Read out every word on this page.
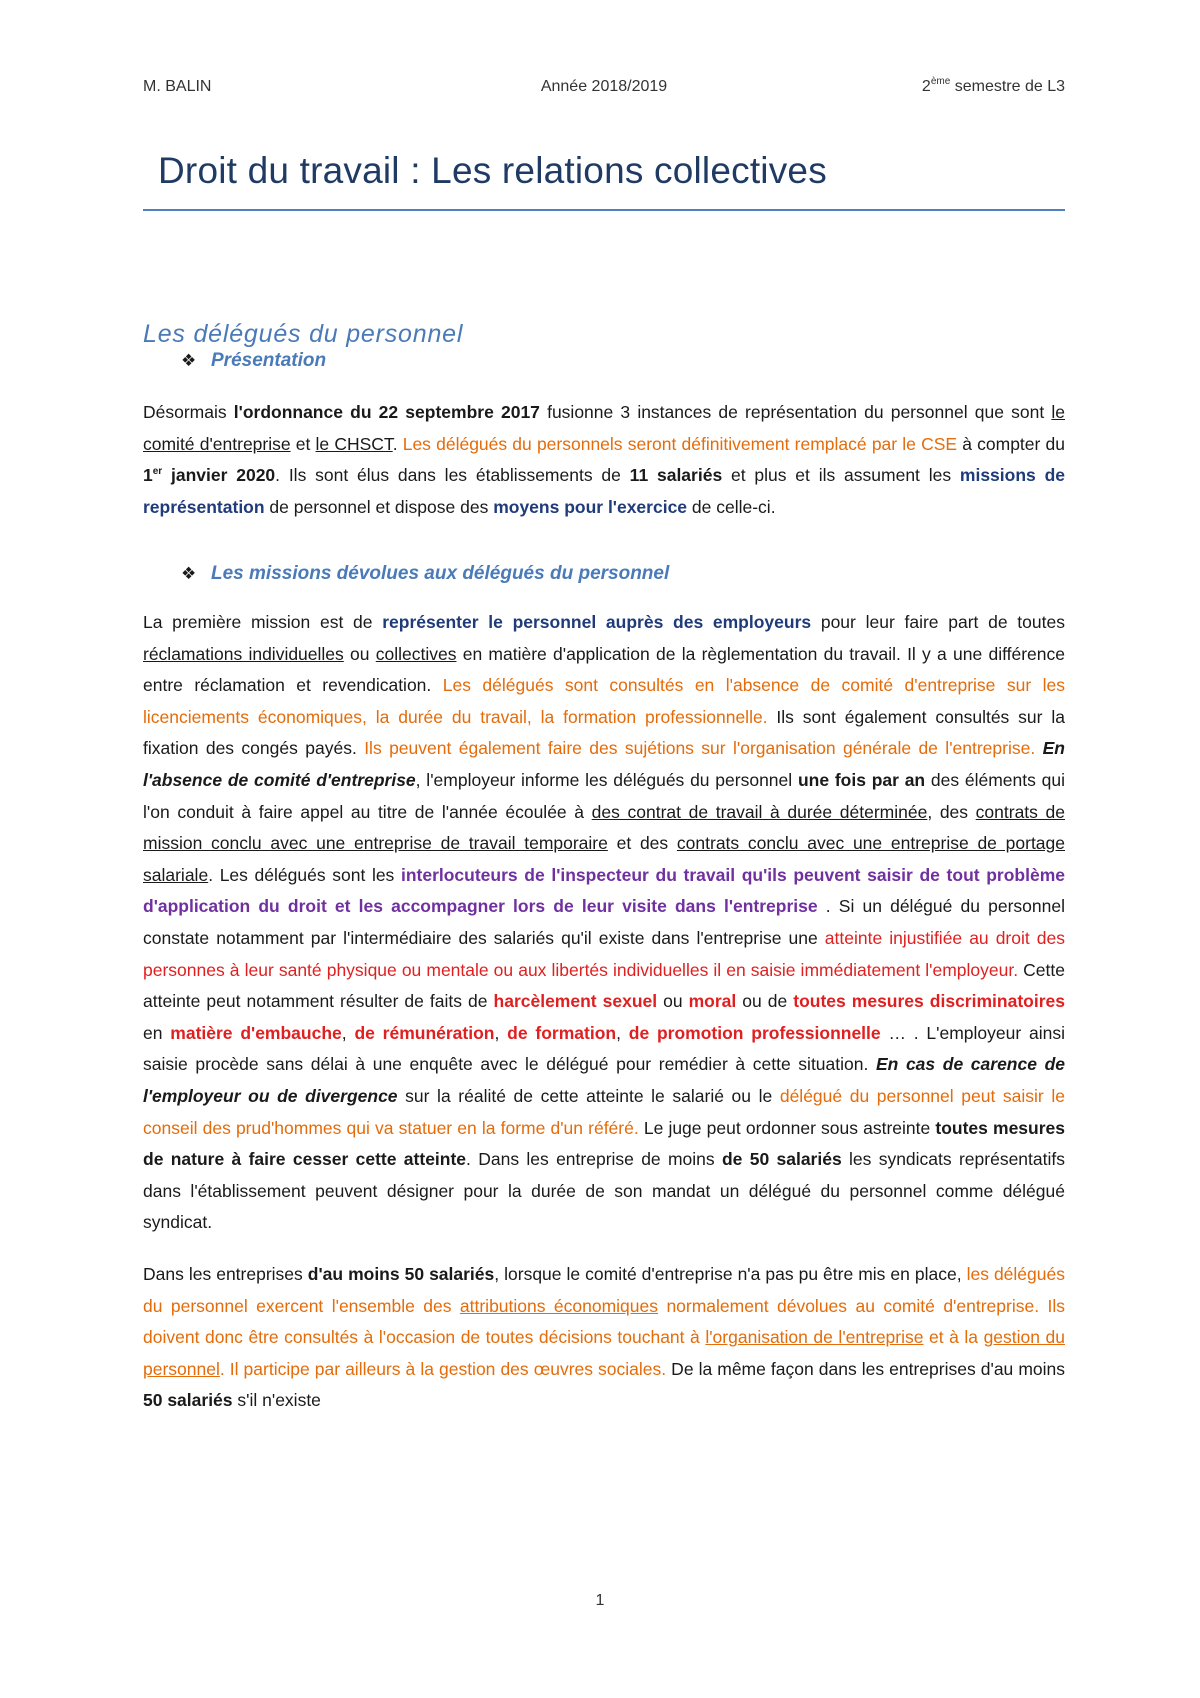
M. BALIN	Année 2018/2019	2ème semestre de L3
Droit du travail : Les relations collectives
Les délégués du personnel
❖ Présentation
Désormais l'ordonnance du 22 septembre 2017 fusionne 3 instances de représentation du personnel que sont le comité d'entreprise et le CHSCT. Les délégués du personnels seront définitivement remplacé par le CSE à compter du 1er janvier 2020. Ils sont élus dans les établissements de 11 salariés et plus et ils assument les missions de représentation de personnel et dispose des moyens pour l'exercice de celle-ci.
❖ Les missions dévolues aux délégués du personnel
La première mission est de représenter le personnel auprès des employeurs pour leur faire part de toutes réclamations individuelles ou collectives en matière d'application de la règlementation du travail. Il y a une différence entre réclamation et revendication. Les délégués sont consultés en l'absence de comité d'entreprise sur les licenciements économiques, la durée du travail, la formation professionnelle. Ils sont également consultés sur la fixation des congés payés. Ils peuvent également faire des sujétions sur l'organisation générale de l'entreprise. En l'absence de comité d'entreprise, l'employeur informe les délégués du personnel une fois par an des éléments qui l'on conduit à faire appel au titre de l'année écoulée à des contrat de travail à durée déterminée, des contrats de mission conclu avec une entreprise de travail temporaire et des contrats conclu avec une entreprise de portage salariale. Les délégués sont les interlocuteurs de l'inspecteur du travail qu'ils peuvent saisir de tout problème d'application du droit et les accompagner lors de leur visite dans l'entreprise . Si un délégué du personnel constate notamment par l'intermédiaire des salariés qu'il existe dans l'entreprise une atteinte injustifiée au droit des personnes à leur santé physique ou mentale ou aux libertés individuelles il en saisie immédiatement l'employeur. Cette atteinte peut notamment résulter de faits de harcèlement sexuel ou moral ou de toutes mesures discriminatoires en matière d'embauche, de rémunération, de formation, de promotion professionnelle … . L'employeur ainsi saisie procède sans délai à une enquête avec le délégué pour remédier à cette situation. En cas de carence de l'employeur ou de divergence sur la réalité de cette atteinte le salarié ou le délégué du personnel peut saisir le conseil des prud'hommes qui va statuer en la forme d'un référé. Le juge peut ordonner sous astreinte toutes mesures de nature à faire cesser cette atteinte. Dans les entreprise de moins de 50 salariés les syndicats représentatifs dans l'établissement peuvent désigner pour la durée de son mandat un délégué du personnel comme délégué syndicat.
Dans les entreprises d'au moins 50 salariés, lorsque le comité d'entreprise n'a pas pu être mis en place, les délégués du personnel exercent l'ensemble des attributions économiques normalement dévolues au comité d'entreprise. Ils doivent donc être consultés à l'occasion de toutes décisions touchant à l'organisation de l'entreprise et à la gestion du personnel. Il participe par ailleurs à la gestion des œuvres sociales. De la même façon dans les entreprises d'au moins 50 salariés s'il n'existe
1
